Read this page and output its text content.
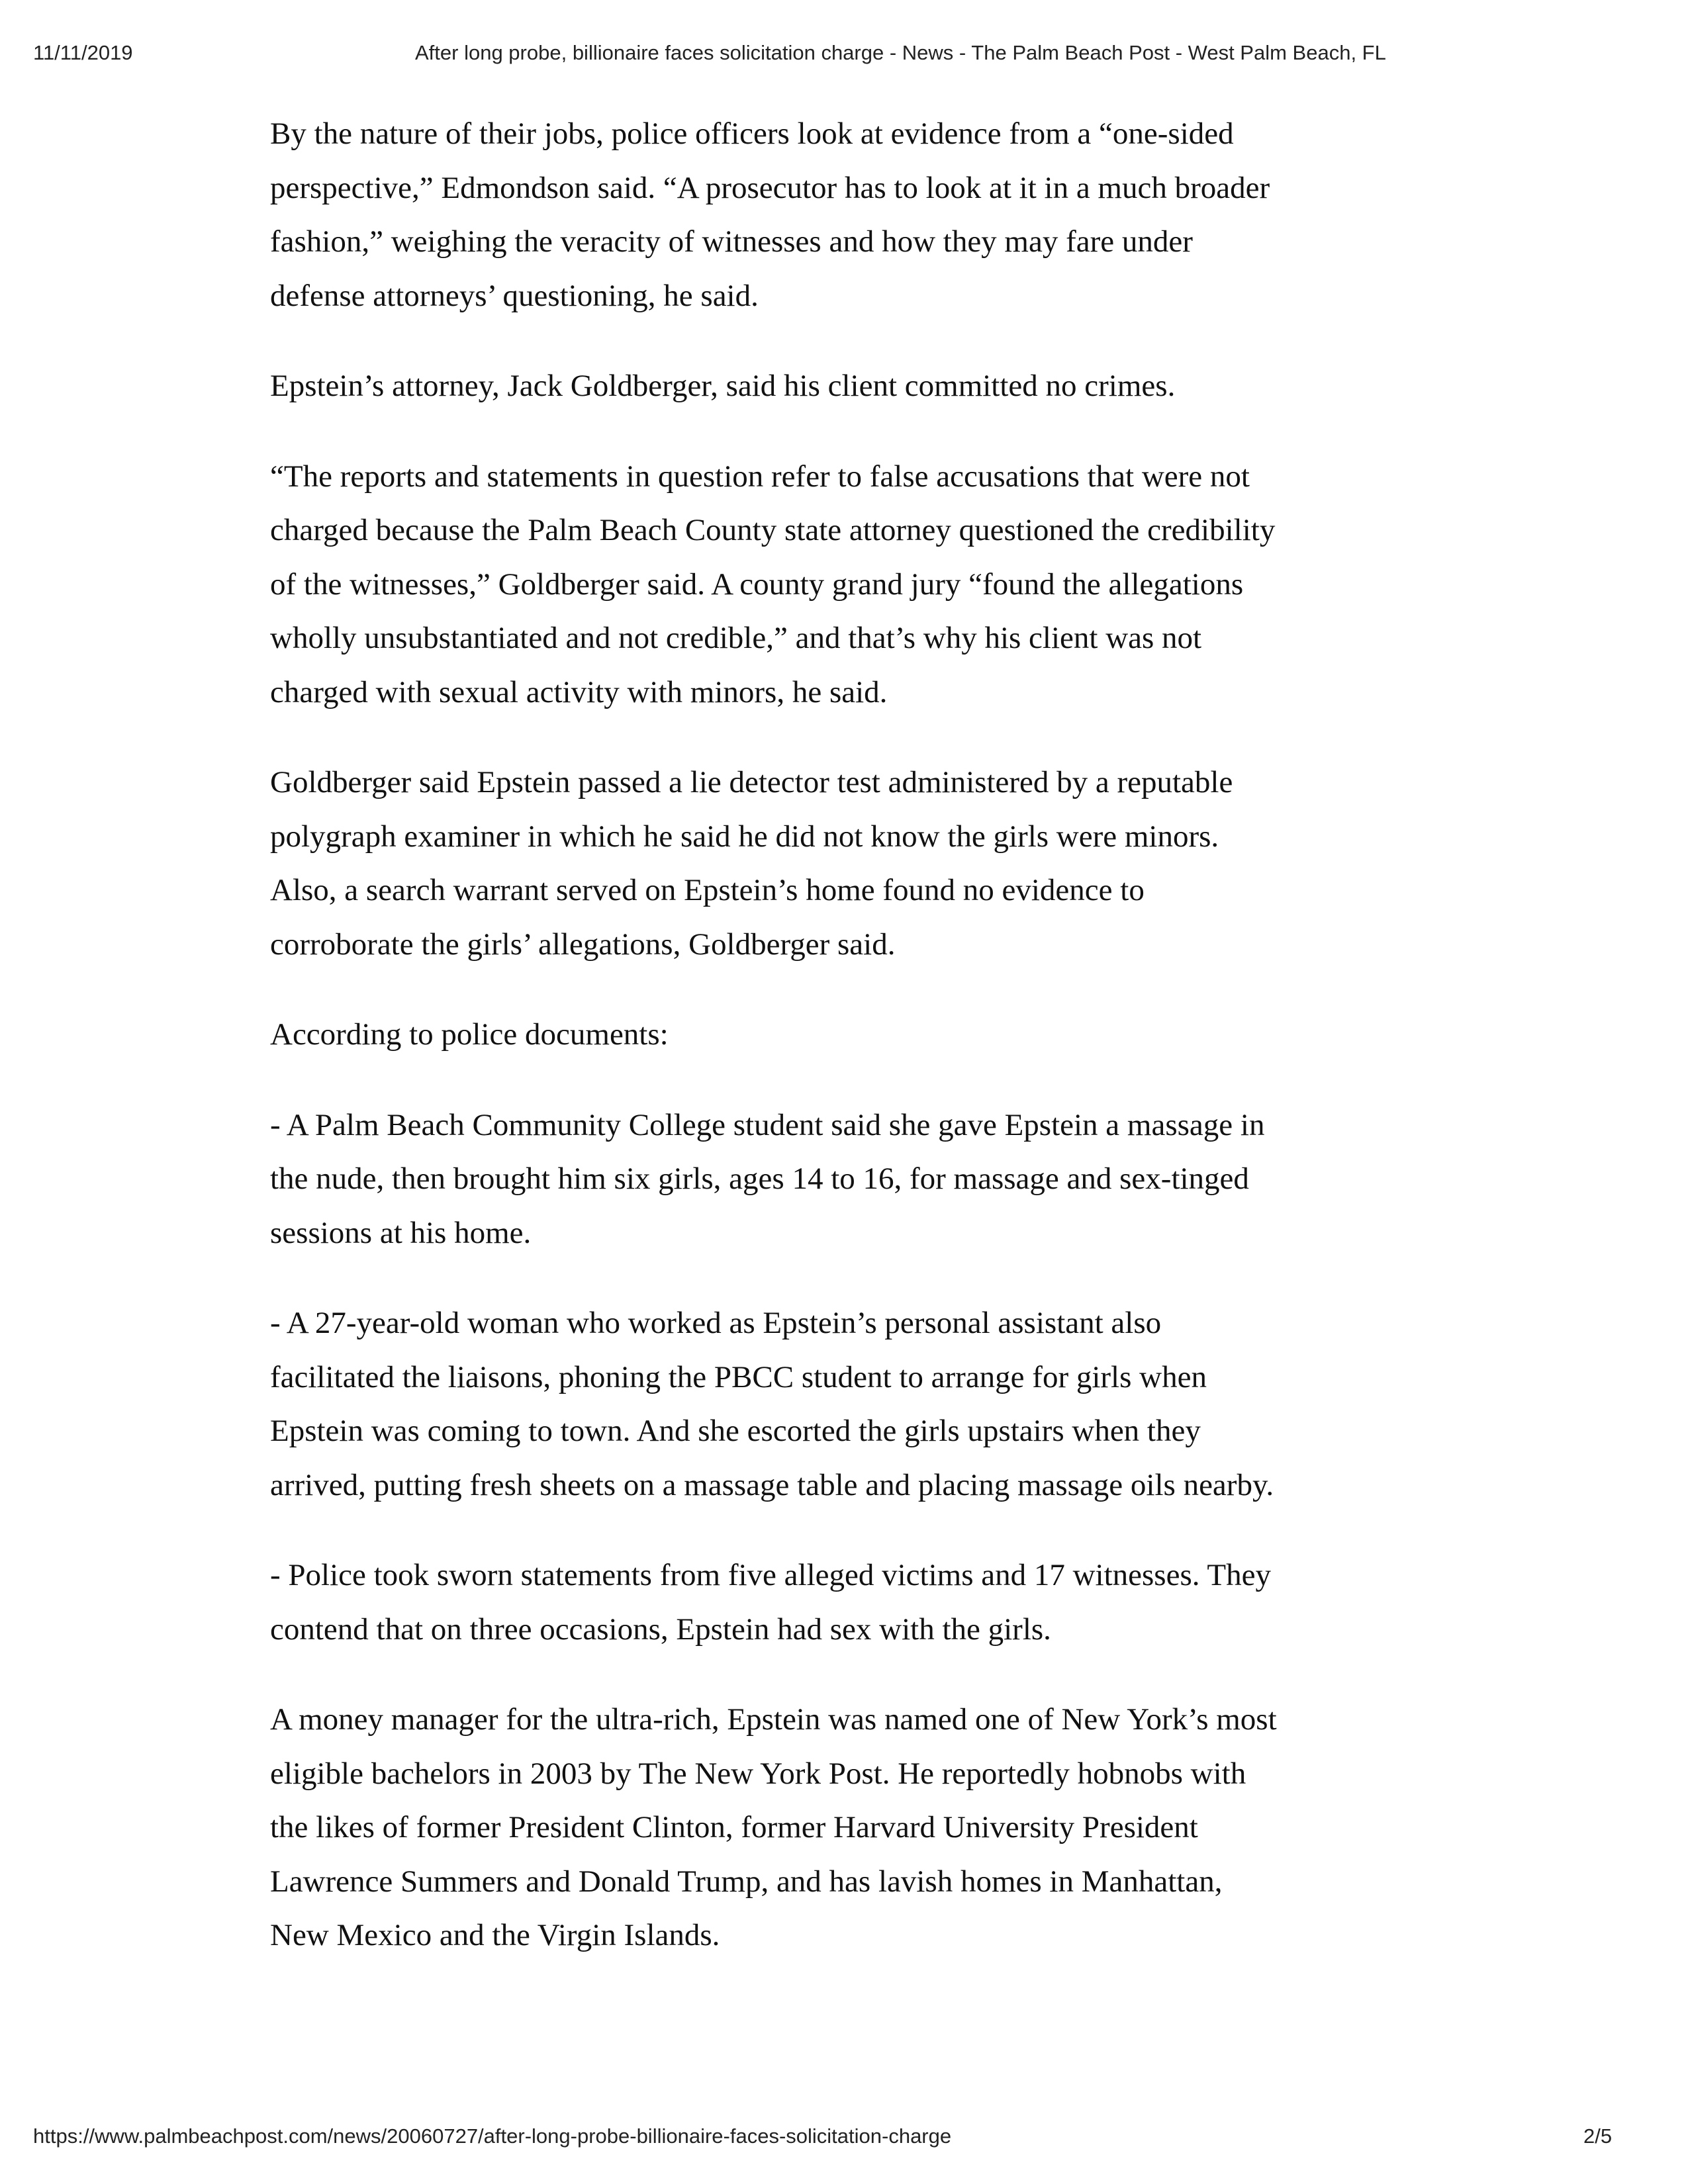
11/11/2019	After long probe, billionaire faces solicitation charge - News - The Palm Beach Post - West Palm Beach, FL

By the nature of their jobs, police officers look at evidence from a “one-sided
perspective,” Edmondson said. “A prosecutor has to look at it in a much broader
fashion,” weighing the veracity of witnesses and how they may fare under
defense attorneys’ questioning, he said.

Epstein’s attorney, Jack Goldberger, said his client committed no crimes.

“The reports and statements in question refer to false accusations that were not
charged because the Palm Beach County state attorney questioned the credibility
of the witnesses,” Goldberger said. A county grand jury “found the allegations
wholly unsubstantiated and not credible,” and that’s why his client was not
charged with sexual activity with minors, he said.

Goldberger said Epstein passed a lie detector test administered by a reputable
polygraph examiner in which he said he did not know the girls were minors.
Also, a search warrant served on Epstein’s home found no evidence to
corroborate the girls’ allegations, Goldberger said.

According to police documents:

- A Palm Beach Community College student said she gave Epstein a massage in
the nude, then brought him six girls, ages 14 to 16, for massage and sex-tinged
sessions at his home.

- A 27-year-old woman who worked as Epstein’s personal assistant also
facilitated the liaisons, phoning the PBCC student to arrange for girls when
Epstein was coming to town. And she escorted the girls upstairs when they
arrived, putting fresh sheets on a massage table and placing massage oils nearby.

- Police took sworn statements from five alleged victims and 17 witnesses. They
contend that on three occasions, Epstein had sex with the girls.

A money manager for the ultra-rich, Epstein was named one of New York’s most
eligible bachelors in 2003 by The New York Post. He reportedly hobnobs with
the likes of former President Clinton, former Harvard University President
Lawrence Summers and Donald Trump, and has lavish homes in Manhattan,
New Mexico and the Virgin Islands.

https://www.palmbeachpost.com/news/20060727/after-long-probe-billionaire-faces-solicitation-charge	2/5
